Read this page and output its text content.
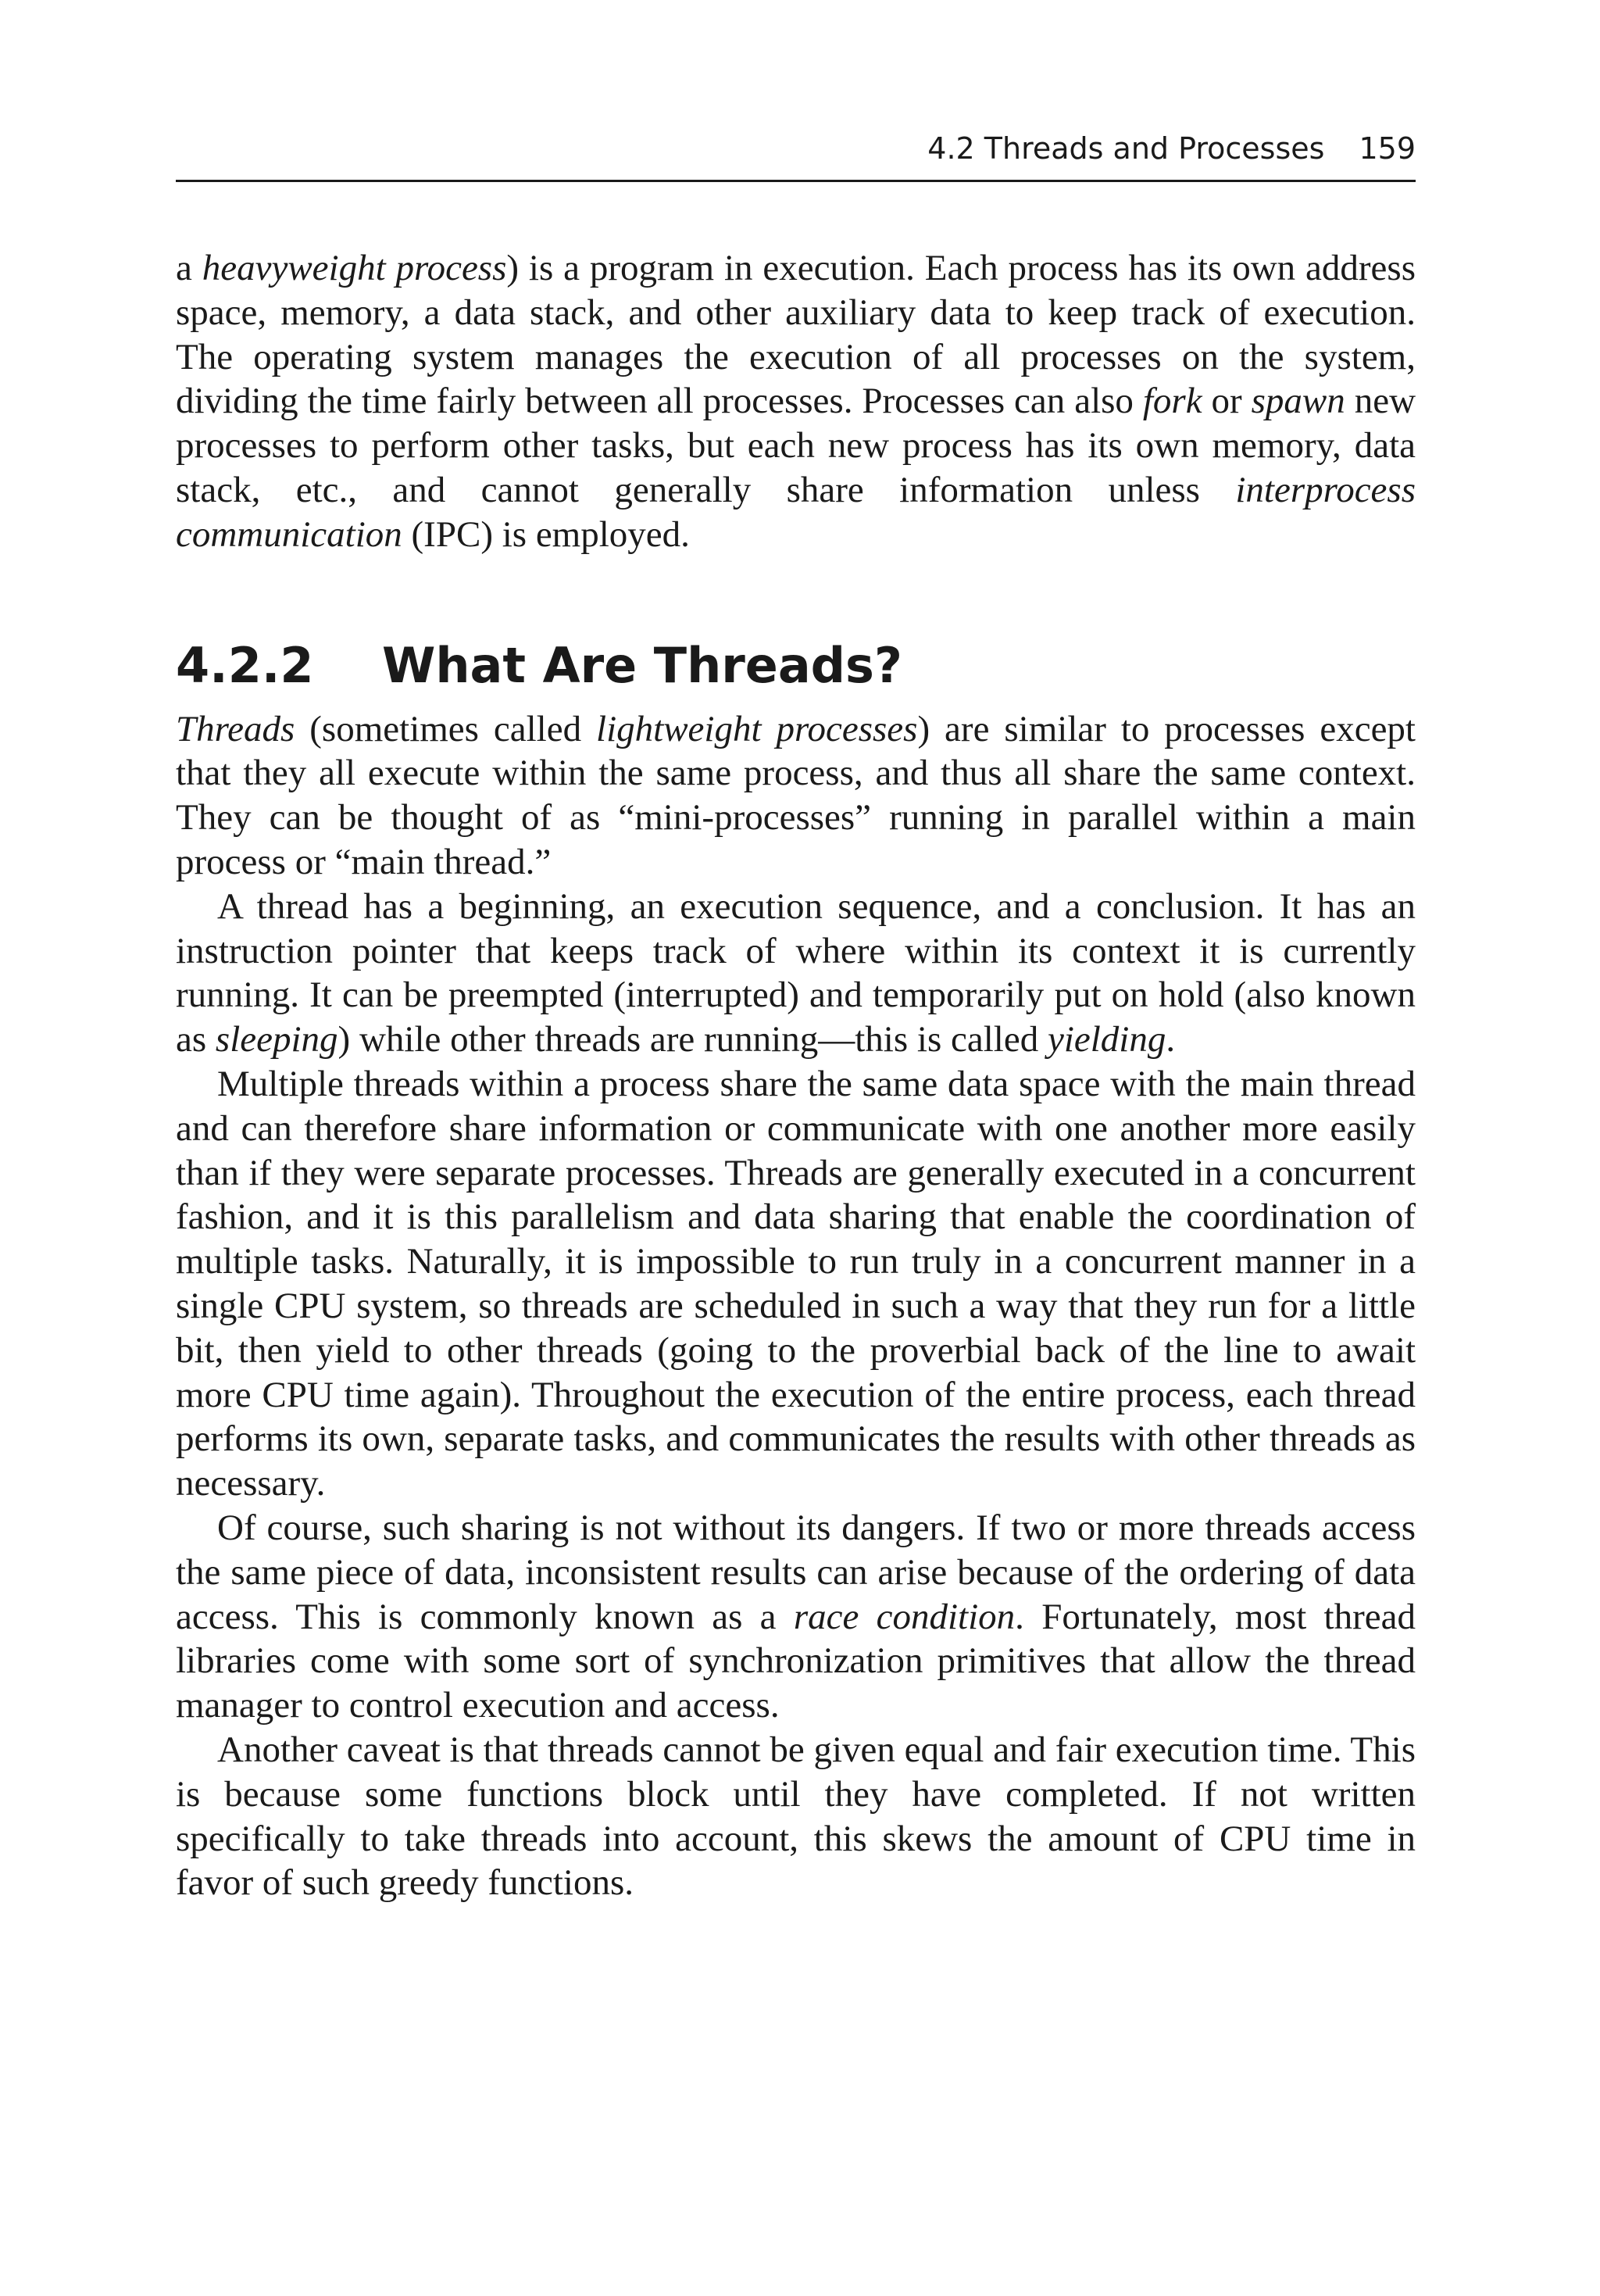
4.2 Threads and Processes 159

a heavyweight process) is a program in execution. Each process has its own address space, memory, a data stack, and other auxiliary data to keep track of execution. The operating system manages the execution of all processes on the system, dividing the time fairly between all processes. Processes can also fork or spawn new processes to perform other tasks, but each new process has its own memory, data stack, etc., and cannot generally share information unless interprocess communication (IPC) is employed.

4.2.2 What Are Threads?

Threads (sometimes called lightweight processes) are similar to processes except that they all execute within the same process, and thus all share the same context. They can be thought of as “mini-processes” running in parallel within a main process or “main thread.”

A thread has a beginning, an execution sequence, and a conclusion. It has an instruction pointer that keeps track of where within its context it is currently running. It can be preempted (interrupted) and temporarily put on hold (also known as sleeping) while other threads are running—this is called yielding.

Multiple threads within a process share the same data space with the main thread and can therefore share information or communicate with one another more easily than if they were separate processes. Threads are generally executed in a concurrent fashion, and it is this parallelism and data sharing that enable the coordination of multiple tasks. Naturally, it is impossible to run truly in a concurrent manner in a single CPU system, so threads are scheduled in such a way that they run for a little bit, then yield to other threads (going to the proverbial back of the line to await more CPU time again). Throughout the execution of the entire process, each thread performs its own, separate tasks, and communicates the results with other threads as necessary.

Of course, such sharing is not without its dangers. If two or more threads access the same piece of data, inconsistent results can arise because of the ordering of data access. This is commonly known as a race condition. Fortunately, most thread libraries come with some sort of synchronization primitives that allow the thread manager to control execution and access.

Another caveat is that threads cannot be given equal and fair execution time. This is because some functions block until they have completed. If not written specifically to take threads into account, this skews the amount of CPU time in favor of such greedy functions.
